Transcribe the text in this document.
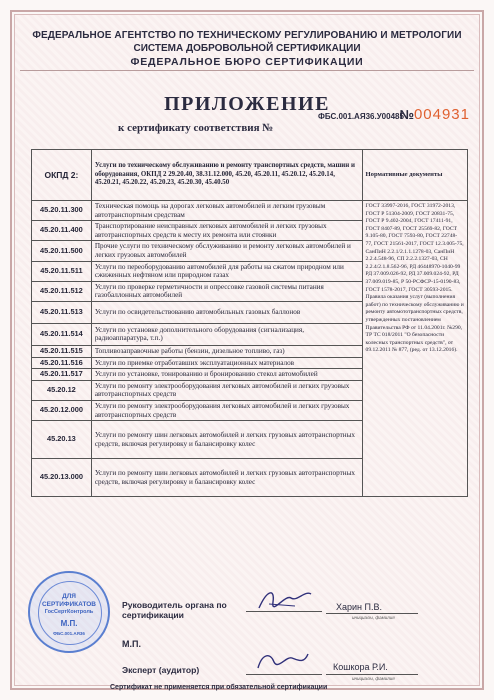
ФЕДЕРАЛЬНОЕ АГЕНТСТВО ПО ТЕХНИЧЕСКОМУ РЕГУЛИРОВАНИЮ И МЕТРОЛОГИИ
СИСТЕМА ДОБРОВОЛЬНОЙ СЕРТИФИКАЦИИ
ФЕДЕРАЛЬНОЕ БЮРО СЕРТИФИКАЦИИ
ПРИЛОЖЕНИЕ	№004931
ФБС.001.АЯ36.У00485
к сертификату соответствия №
ОКПД 2:	Услуги по техническому обслуживанию и ремонту транспортных средств, машин и оборудования, ОКПД 2 29.20.40, 38.31.12.000, 45.20, 45.20.11, 45.20.12, 45.20.14, 45.20.21, 45.20.22, 45.20.23, 45.20.30, 45.40.50	Нормативные документы
45.20.11.300	Техническая помощь на дорогах легковых автомобилей и легким грузовым автотранспортным средствам	ГОСТ 33997-2016, ГОСТ 31972-2013, ГОСТ Р 51304-2009, ГОСТ 20831-75, ГОСТ Р 9.402-2004, ГОСТ 17411-91, ГОСТ 8407-89, ГОСТ 25569-82, ГОСТ 9.105-80, ГОСТ 7593-80, ГОСТ 22748-77, ГОСТ 21561-2017, ГОСТ 12.3.005-75, СанПиН 2.2.1/2.1.1.1278-03, СанПиН 2.2.4.548-96, СП 2.2.2.1327-03, СН 2.2.4/2.1.8.562-96, РД 46448970-1040-99 РД 37.009.026-92, РД 37.009.024-92, РД 37.009.019-85, Р 50-РСФСР-15-0190-83, ГОСТ 1578-2017, ГОСТ 30593-2015. Правила оказания услуг (выполнения работ) по техническому обслуживанию и ремонту автомототранспортных средств, утвержденных постановлением Правительства РФ от 11.04.2001г. №290, ТР ТС 018/2011 "О безопасности колесных транспортных средств", от 09.12.2011 № 877, (ред. от 13.12.2016).
45.20.11.400	Транспортирование неисправных легковых автомобилей и легких грузовых автотранспортных средств к месту их ремонта или стоянки	
45.20.11.500	Прочие услуги по техническому обслуживанию и ремонту легковых автомобилей и легких грузовых автомобилей	
45.20.11.511	Услуги по переоборудованию автомобилей для работы на сжатом природном или сжиженных нефтяном или природном газах	
45.20.11.512	Услуги по проверке герметичности и опрессовке газовой системы питания газобаллонных автомобилей	
45.20.11.513	Услуги по освидетельствованию автомобильных газовых баллонов	
45.20.11.514	Услуги по установке дополнительного оборудования (сигнализация, радиоаппаратура, т.п.)	
45.20.11.515	Топливозаправочные работы (бензин, дизельное топливо, газ)	
45.20.11.516	Услуги по приемке отработавших эксплуатационных материалов	
45.20.11.517	Услуги по установке, тонированию и бронированию стекол автомобилей	
45.20.12	Услуги по ремонту электрооборудования легковых автомобилей и легких грузовых автотранспортных средств	
45.20.12.000	Услуги по ремонту электрооборудования легковых автомобилей и легких грузовых автотранспортных средств	
45.20.13	Услуги по ремонту шин легковых автомобилей и легких грузовых автотранспортных средств, включая регулировку и балансировку колес	
45.20.13.000	Услуги по ремонту шин легковых автомобилей и легких грузовых автотранспортных средств, включая регулировку и балансировку колес	
ДЛЯ
СЕРТИФИКАТОВ
ГосСертКонтроль
М.П.
ФБС.001.АЯ36
Руководитель органа по сертификации
Харин П.В.
инициалы, фамилия
М.П.
Эксперт (аудитор)	Кошкора Р.И.
инициалы, фамилия
Сертификат не применяется при обязательной сертификации
